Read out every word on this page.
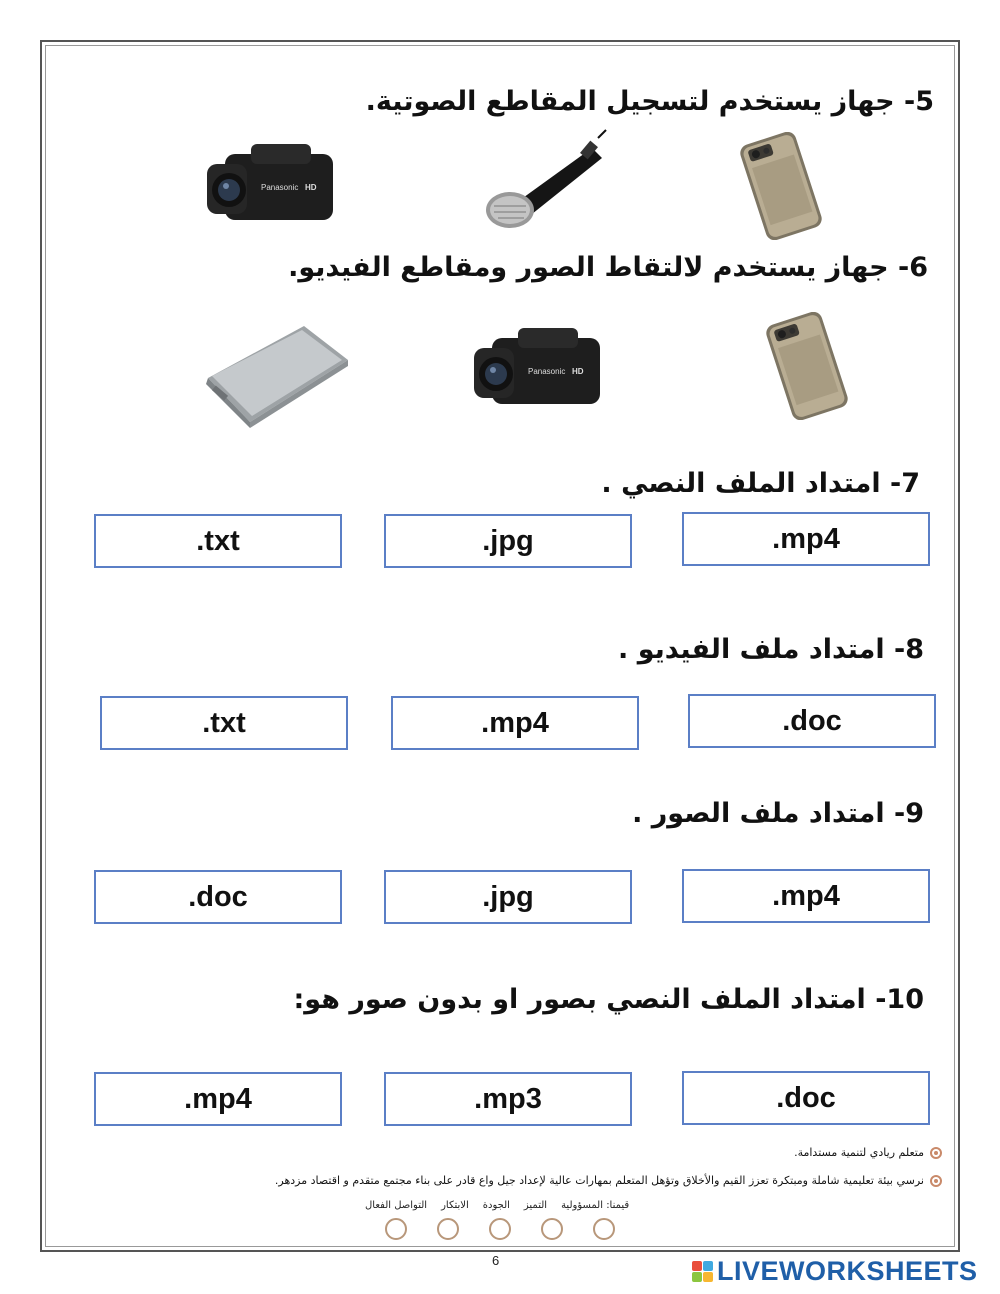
5- جهاز يستخدم لتسجيل المقاطع الصوتية.
Panasonic HD
6- جهاز يستخدم لالتقاط الصور ومقاطع الفيديو.
Panasonic HD
7- امتداد الملف النصي .
.mp4
.jpg
.txt
8- امتداد ملف الفيديو .
.doc
.mp4
.txt
9- امتداد ملف الصور .
.mp4
.jpg
.doc
10- امتداد الملف النصي بصور او بدون صور هو:
.doc
.mp3
.mp4
متعلم ريادي لتنمية مستدامة.
نرسي بيئة تعليمية شاملة ومبتكرة تعزز القيم والأخلاق وتؤهل المتعلم بمهارات عالية لإعداد جيل واع قادر على بناء مجتمع متقدم و اقتصاد مزدهر.
قيمنا: المسؤولية
التميز
الجودة
الابتكار
التواصل الفعال
6	LIVEWORKSHEETS
